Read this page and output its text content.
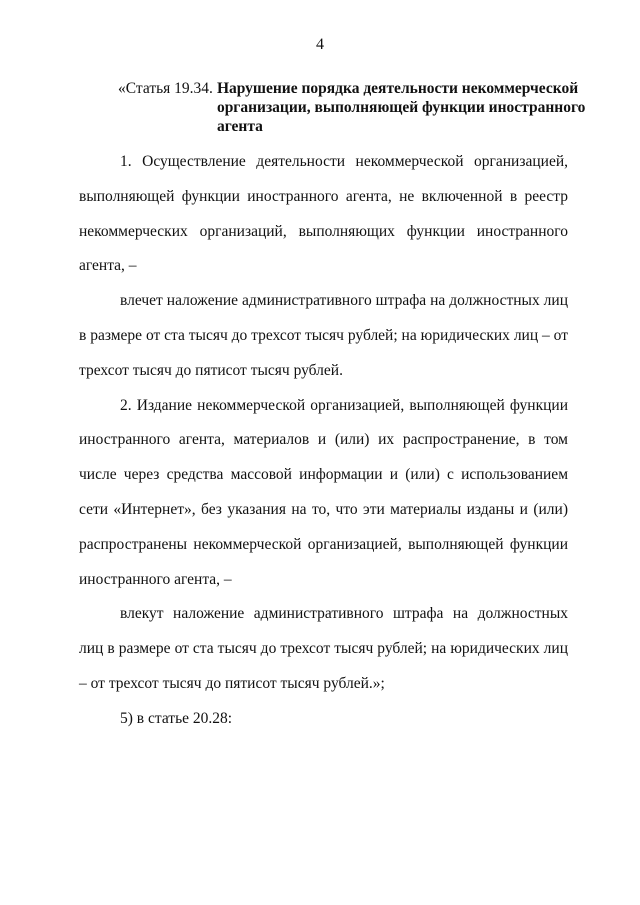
4
«Статья 19.34. Нарушение порядка деятельности некоммерческой организации, выполняющей функции иностранного агента

1. Осуществление деятельности некоммерческой организацией, выполняющей функции иностранного агента, не включенной в реестр некоммерческих организаций, выполняющих функции иностранного агента, –

влечет наложение административного штрафа на должностных лиц в размере от ста тысяч до трехсот тысяч рублей; на юридических лиц – от трехсот тысяч до пятисот тысяч рублей.

2. Издание некоммерческой организацией, выполняющей функции иностранного агента, материалов и (или) их распространение, в том числе через средства массовой информации и (или) с использованием сети «Интернет», без указания на то, что эти материалы изданы и (или) распространены некоммерческой организацией, выполняющей функции иностранного агента, –

влекут наложение административного штрафа на должностных лиц в размере от ста тысяч до трехсот тысяч рублей; на юридических лиц – от трехсот тысяч до пятисот тысяч рублей.»;

5) в статье 20.28:
